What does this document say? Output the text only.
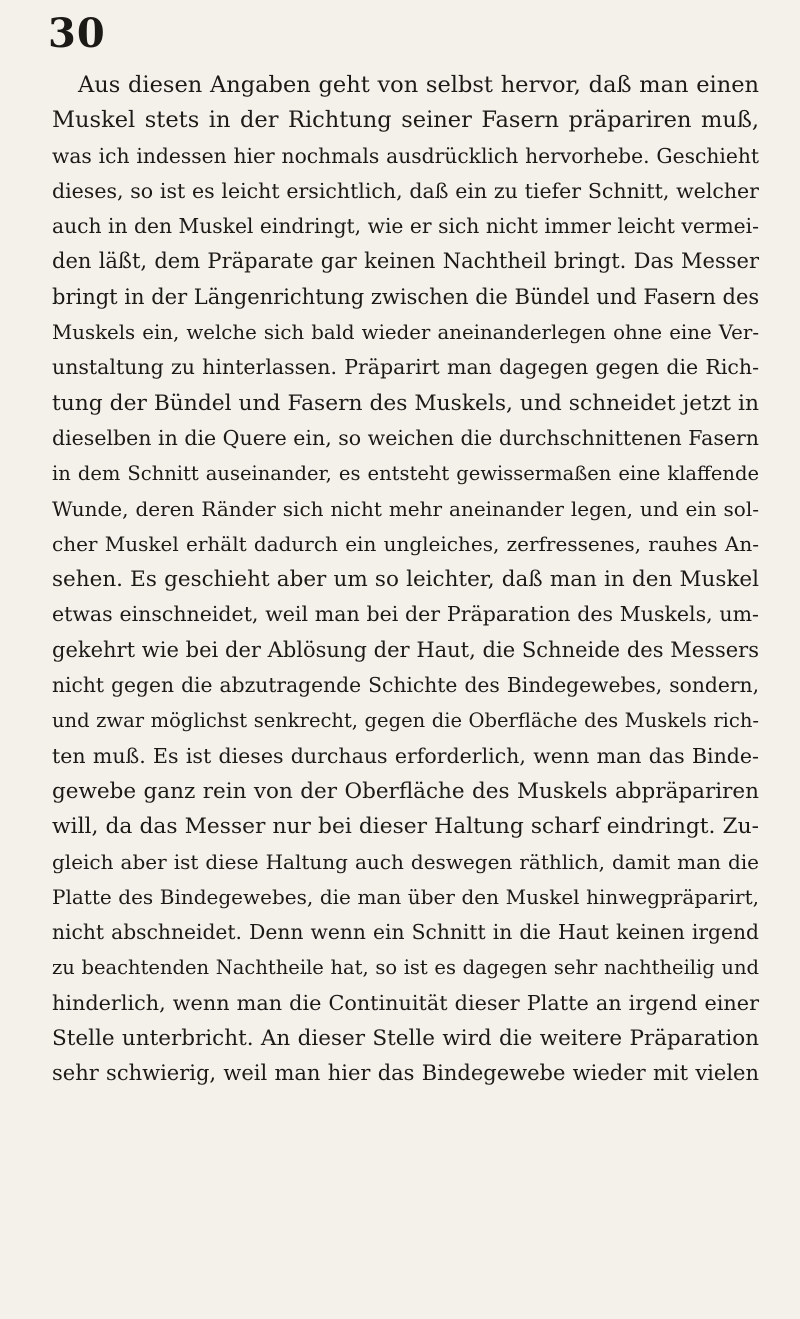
30
Aus diesen Angaben geht von selbst hervor, daß man einen
Muskel stets in der Richtung seiner Fasern präpariren muß,
was ich indessen hier nochmals ausdrücklich hervorhebe. Geschieht
dieses, so ist es leicht ersichtlich, daß ein zu tiefer Schnitt, welcher
auch in den Muskel eindringt, wie er sich nicht immer leicht vermei-
den läßt, dem Präparate gar keinen Nachtheil bringt. Das Messer
bringt in der Längenrichtung zwischen die Bündel und Fasern des
Muskels ein, welche sich bald wieder aneinanderlegen ohne eine Ver-
unstaltung zu hinterlassen. Präparirt man dagegen gegen die Rich-
tung der Bündel und Fasern des Muskels, und schneidet jetzt in
dieselben in die Quere ein, so weichen die durchschnittenen Fasern
in dem Schnitt auseinander, es entsteht gewissermaßen eine klaffende
Wunde, deren Ränder sich nicht mehr aneinander legen, und ein sol-
cher Muskel erhält dadurch ein ungleiches, zerfressenes, rauhes An-
sehen. Es geschieht aber um so leichter, daß man in den Muskel
etwas einschneidet, weil man bei der Präparation des Muskels, um-
gekehrt wie bei der Ablösung der Haut, die Schneide des Messers
nicht gegen die abzutragende Schichte des Bindegewebes, sondern,
und zwar möglichst senkrecht, gegen die Oberfläche des Muskels rich-
ten muß. Es ist dieses durchaus erforderlich, wenn man das Binde-
gewebe ganz rein von der Oberfläche des Muskels abpräpariren
will, da das Messer nur bei dieser Haltung scharf eindringt. Zu-
gleich aber ist diese Haltung auch deswegen räthlich, damit man die
Platte des Bindegewebes, die man über den Muskel hinwegpräparirt,
nicht abschneidet. Denn wenn ein Schnitt in die Haut keinen irgend
zu beachtenden Nachtheile hat, so ist es dagegen sehr nachtheilig und
hinderlich, wenn man die Continuität dieser Platte an irgend einer
Stelle unterbricht. An dieser Stelle wird die weitere Präparation
sehr schwierig, weil man hier das Bindegewebe wieder mit vielen
